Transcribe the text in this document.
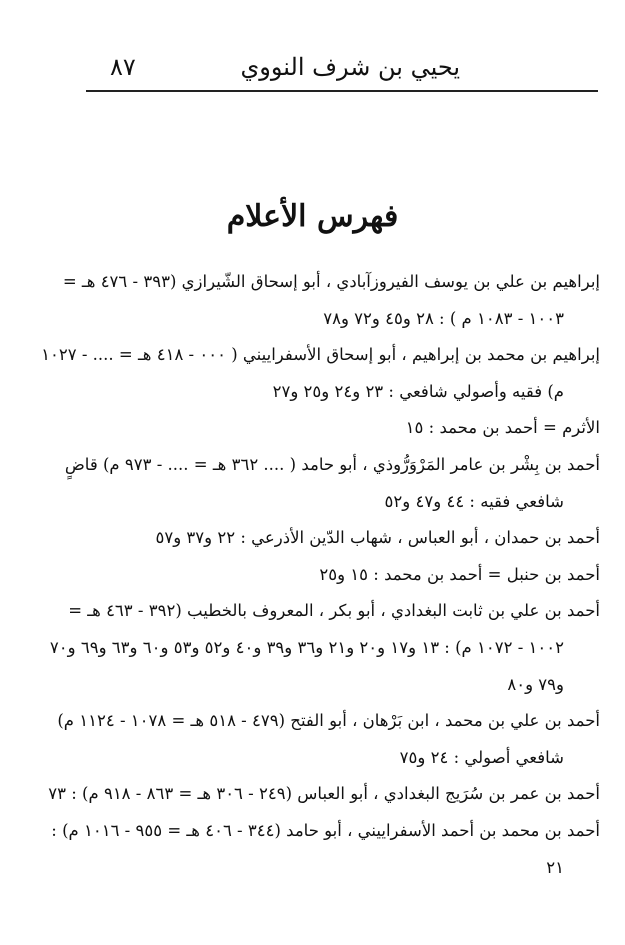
يحيي بن شرف النووي
٨٧
فهرس الأعلام

إبراهيم بن علي بن يوسف الفيروزآبادي ، أبو إسحاق الشّيرازي (٣٩٣ - ٤٧٦ هـ = ١٠٠٣ - ١٠٨٣ م ) : ٢٨ و٤٥ و٧٢ و٧٨

إبراهيم بن محمد بن إبراهيم ، أبو إسحاق الأسفراييني ( ٠٠٠ - ٤١٨ هـ = .... - ١٠٢٧ م) فقيه وأصولي شافعي : ٢٣ و٢٤ و٢٥ و٢٧

الأثرم = أحمد بن محمد : ١٥

أحمد بن بِشْر بن عامر المَرْوَرُّوذي ، أبو حامد ( .... ٣٦٢ هـ = .... - ٩٧٣ م) قاضٍ شافعي فقيه : ٤٤ و٤٧ و٥٢

أحمد بن حمدان ، أبو العباس ، شهاب الدّين الأذرعي : ٢٢ و٣٧ و٥٧

أحمد بن حنبل = أحمد بن محمد : ١٥ و٢٥

أحمد بن علي بن ثابت البغدادي ، أبو بكر ، المعروف بالخطيب (٣٩٢ - ٤٦٣ هـ = ١٠٠٢ - ١٠٧٢ م) : ١٣ و١٧ و٢٠ و٢١ و٣٦ و٣٩ و٤٠ و٥٢ و٥٣ و٦٠ و٦٣ و٦٩ و٧٠ و٧٩ و٨٠

أحمد بن علي بن محمد ، ابن بَرْهان ، أبو الفتح (٤٧٩ - ٥١٨ هـ = ١٠٧٨ - ١١٢٤ م) شافعي أصولي : ٢٤ و٧٥

أحمد بن عمر بن سُرَيج البغدادي ، أبو العباس (٢٤٩ - ٣٠٦ هـ = ٨٦٣ - ٩١٨ م) : ٧٣

أحمد بن محمد بن أحمد الأسفراييني ، أبو حامد (٣٤٤ - ٤٠٦ هـ = ٩٥٥ - ١٠١٦ م) : ٢١
